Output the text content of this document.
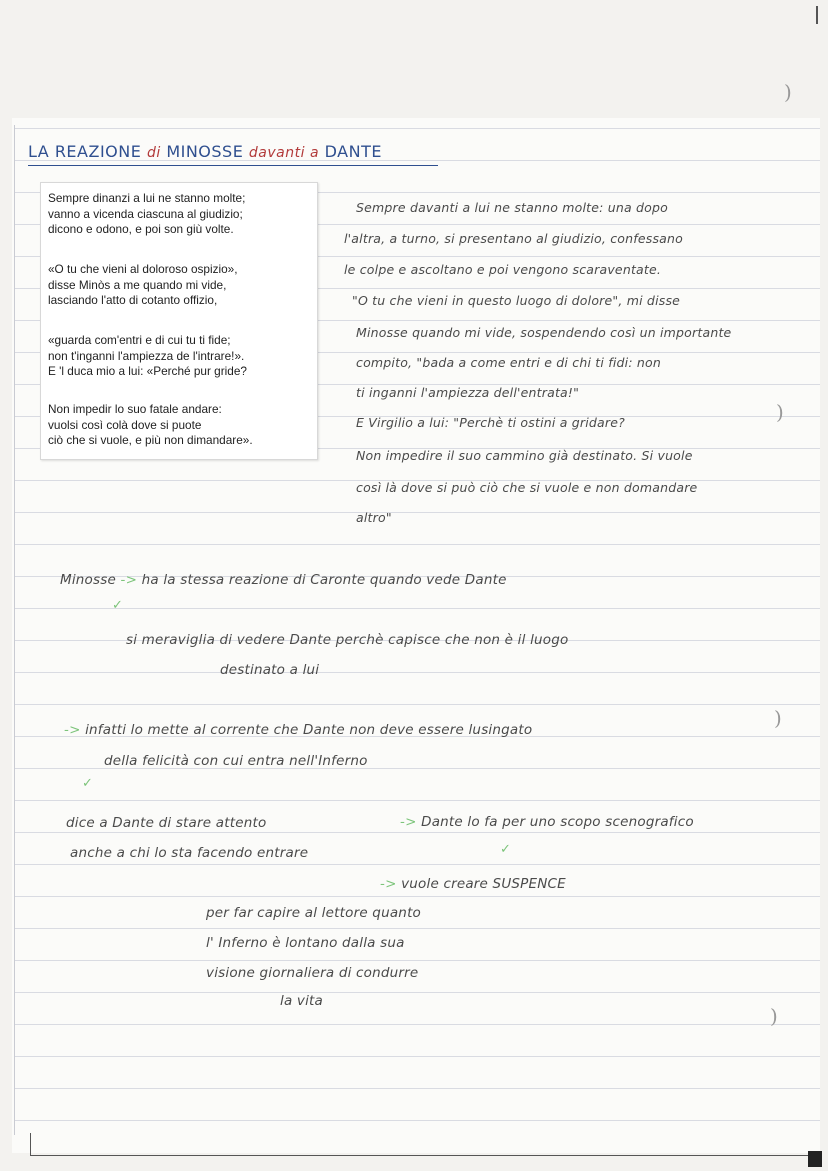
)
)
)
)
LA REAZIONE di MINOSSE davanti a DANTE
Sempre dinanzi a lui ne stanno molte;
vanno a vicenda ciascuna al giudizio;
dicono e odono, e poi son giù volte.
«O tu che vieni al doloroso ospizio»,
disse Minòs a me quando mi vide,
lasciando l'atto di cotanto offizio,
«guarda com'entri e di cui tu ti fide;
non t'inganni l'ampiezza de l'intrare!».
E 'l duca mio a lui: «Perché pur gride?
Non impedir lo suo fatale andare:
vuolsi così colà dove si puote
ciò che si vuole, e più non dimandare».
Sempre davanti a lui ne stanno molte: una dopo
l'altra, a turno, si presentano al giudizio, confessano
le colpe e ascoltano e poi vengono scaraventate.
"O tu che vieni in questo luogo di dolore", mi disse
Minosse quando mi vide, sospendendo così un importante
compito, "bada a come entri e di chi ti fidi: non
ti inganni l'ampiezza dell'entrata!"
E Virgilio a lui: "Perchè ti ostini a gridare?
Non impedire il suo cammino già destinato. Si vuole
così là dove si può ciò che si vuole e non domandare
altro"
Minosse -> ha la stessa reazione di Caronte quando vede Dante
✓
si meraviglia di vedere Dante perchè capisce che non è il luogo
destinato a lui
-> infatti lo mette al corrente che Dante non deve essere lusingato
della felicità con cui entra nell'Inferno
✓
dice a Dante di stare attento
anche a chi lo sta facendo entrare
-> Dante lo fa per uno scopo scenografico
✓
-> vuole creare SUSPENCE
per far capire al lettore quanto
l' Inferno è lontano dalla sua
visione giornaliera di condurre
la vita
